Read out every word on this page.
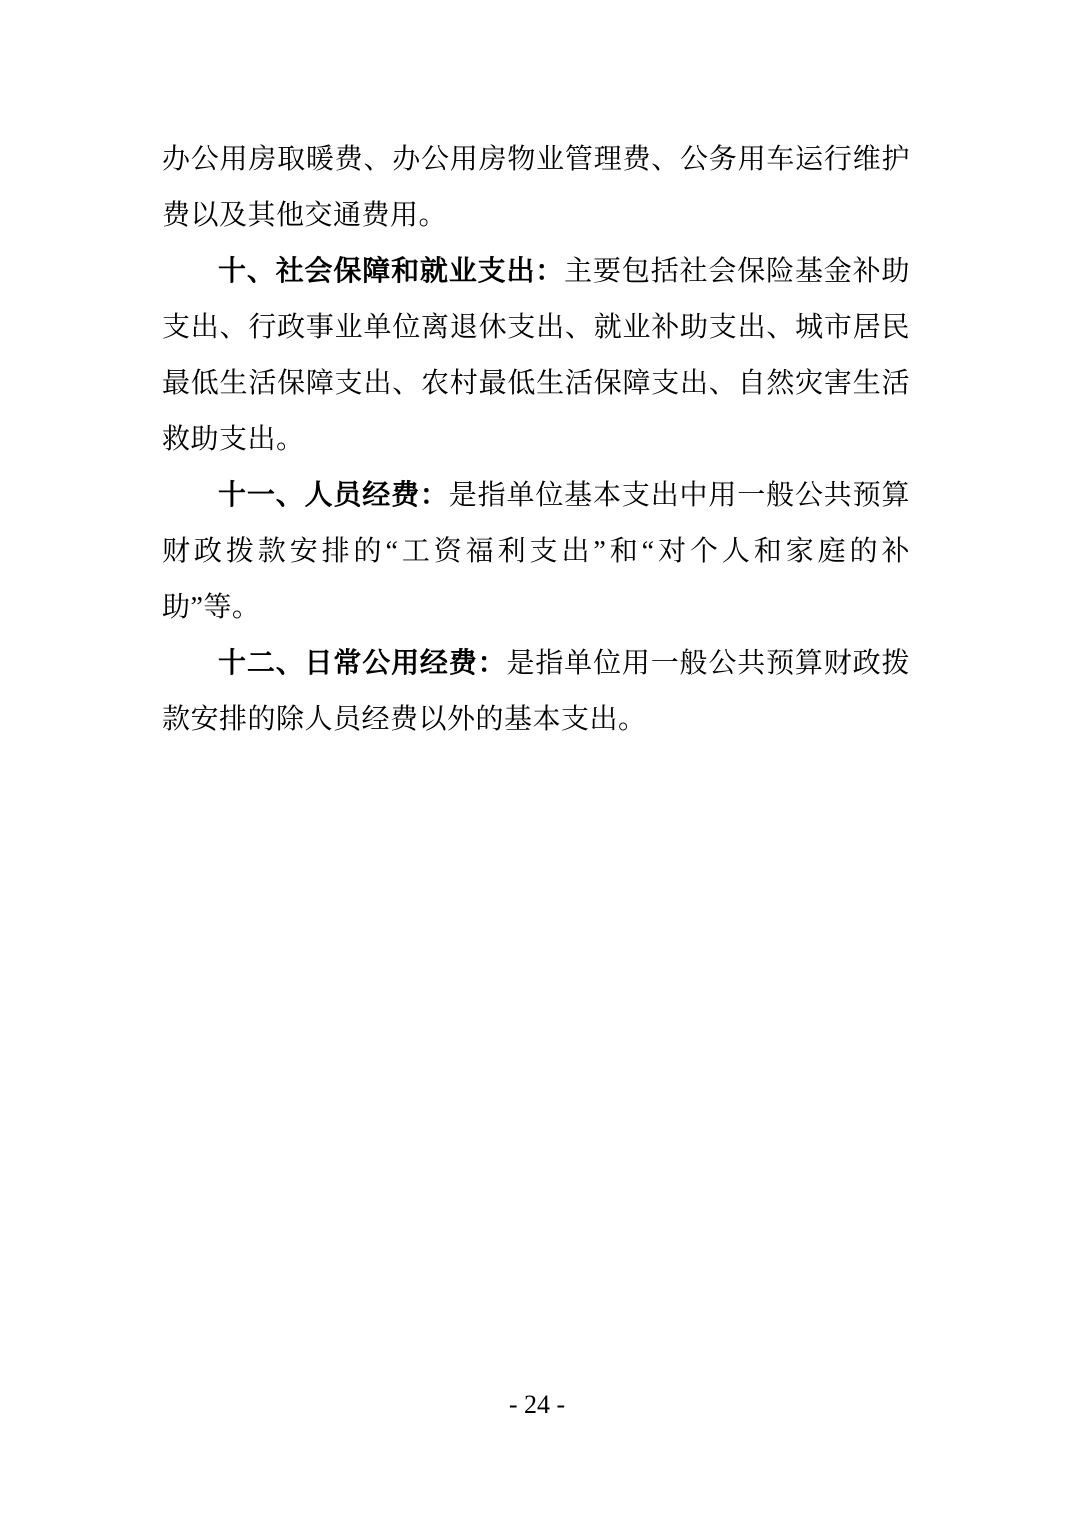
办公用房取暖费、办公用房物业管理费、公务用车运行维护费以及其他交通费用。

十、社会保障和就业支出：主要包括社会保险基金补助支出、行政事业单位离退休支出、就业补助支出、城市居民最低生活保障支出、农村最低生活保障支出、自然灾害生活救助支出。

十一、人员经费：是指单位基本支出中用一般公共预算财政拨款安排的“工资福利支出”和“对个人和家庭的补助”等。

十二、日常公用经费：是指单位用一般公共预算财政拨款安排的除人员经费以外的基本支出。

- 24 -
